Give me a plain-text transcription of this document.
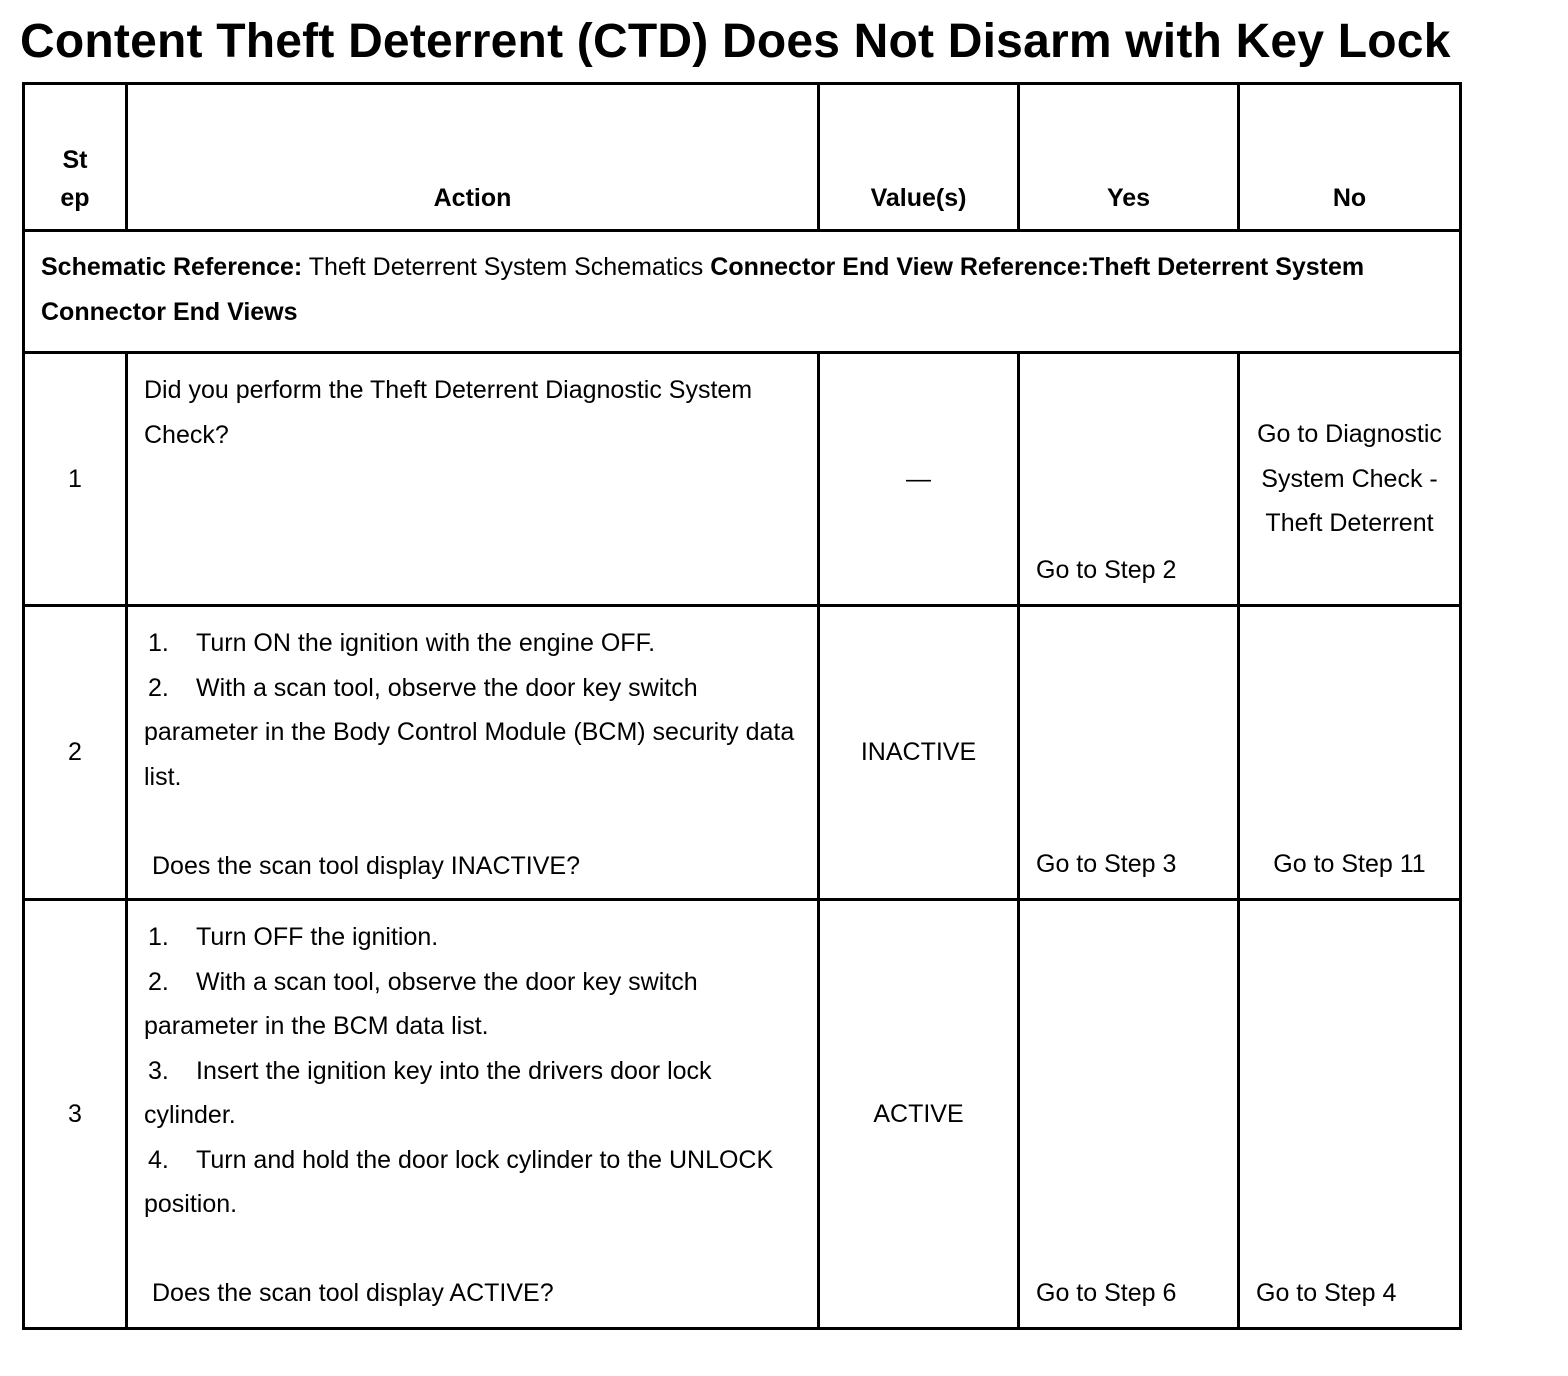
Content Theft Deterrent (CTD) Does Not Disarm with Key Lock
St
ep	Action	Value(s)	Yes	No
Schematic Reference: Theft Deterrent System Schematics Connector End View Reference:Theft Deterrent System Connector End Views				
1	Did you perform the Theft Deterrent Diagnostic System Check?	—	Go to Step 2	Go to Diagnostic System Check - Theft Deterrent
2	1. Turn ON the ignition with the engine OFF.
2. With a scan tool, observe the door key switch parameter in the Body Control Module (BCM) security data list.
Does the scan tool display INACTIVE?	INACTIVE	Go to Step 3	Go to Step 11
3	1. Turn OFF the ignition.
2. With a scan tool, observe the door key switch parameter in the BCM data list.
3. Insert the ignition key into the drivers door lock cylinder.
4. Turn and hold the door lock cylinder to the UNLOCK position.
Does the scan tool display ACTIVE?	ACTIVE	Go to Step 6	Go to Step 4
